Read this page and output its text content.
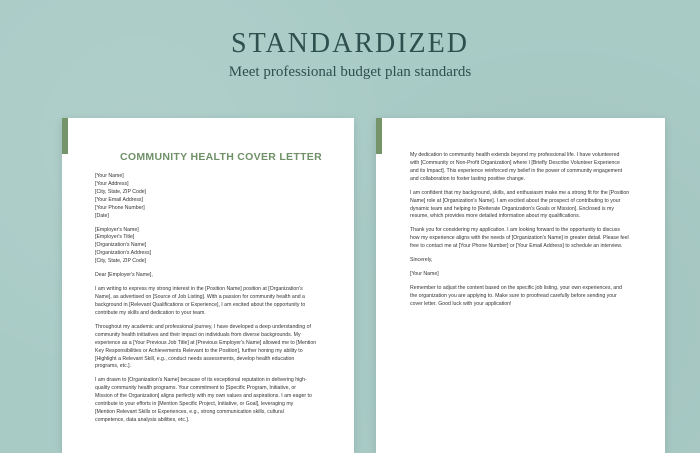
STANDARDIZED
Meet professional budget plan standards
COMMUNITY HEALTH COVER LETTER
[Your Name]
[Your Address]
[City, State, ZIP Code]
[Your Email Address]
[Your Phone Number]
[Date]
[Employer's Name]
[Employer's Title]
[Organization's Name]
[Organization's Address]
[City, State, ZIP Code]
Dear [Employer's Name],
I am writing to express my strong interest in the [Position Name] position at [Organization's
Name], as advertised on [Source of Job Listing]. With a passion for community health and a
background in [Relevant Qualifications or Experience], I am excited about the opportunity to
contribute my skills and dedication to your team.
Throughout my academic and professional journey, I have developed a deep understanding of
community health initiatives and their impact on individuals from diverse backgrounds. My
experience as a [Your Previous Job Title] at [Previous Employer's Name] allowed me to [Mention
Key Responsibilities or Achievements Relevant to the Position], further honing my ability to
[Highlight a Relevant Skill, e.g., conduct needs assessments, develop health education
programs, etc.].
I am drawn to [Organization's Name] because of its exceptional reputation in delivering high-
quality community health programs. Your commitment to [Specific Program, Initiative, or
Mission of the Organization] aligns perfectly with my own values and aspirations. I am eager to
contribute to your efforts in [Mention Specific Project, Initiative, or Goal], leveraging my
[Mention Relevant Skills or Experiences, e.g., strong communication skills, cultural
competence, data analysis abilities, etc.].
My dedication to community health extends beyond my professional life. I have volunteered
with [Community or Non-Profit Organization] where I [Briefly Describe Volunteer Experience
and its Impact]. This experience reinforced my belief in the power of community engagement
and collaboration to foster lasting positive change.
I am confident that my background, skills, and enthusiasm make me a strong fit for the [Position
Name] role at [Organization's Name]. I am excited about the prospect of contributing to your
dynamic team and helping to [Reiterate Organization's Goals or Mission]. Enclosed is my
resume, which provides more detailed information about my qualifications.
Thank you for considering my application. I am looking forward to the opportunity to discuss
how my experience aligns with the needs of [Organization's Name] in greater detail. Please feel
free to contact me at [Your Phone Number] or [Your Email Address] to schedule an interview.
Sincerely,
[Your Name]
Remember to adjust the content based on the specific job listing, your own experiences, and
the organization you are applying to. Make sure to proofread carefully before sending your
cover letter. Good luck with your application!
